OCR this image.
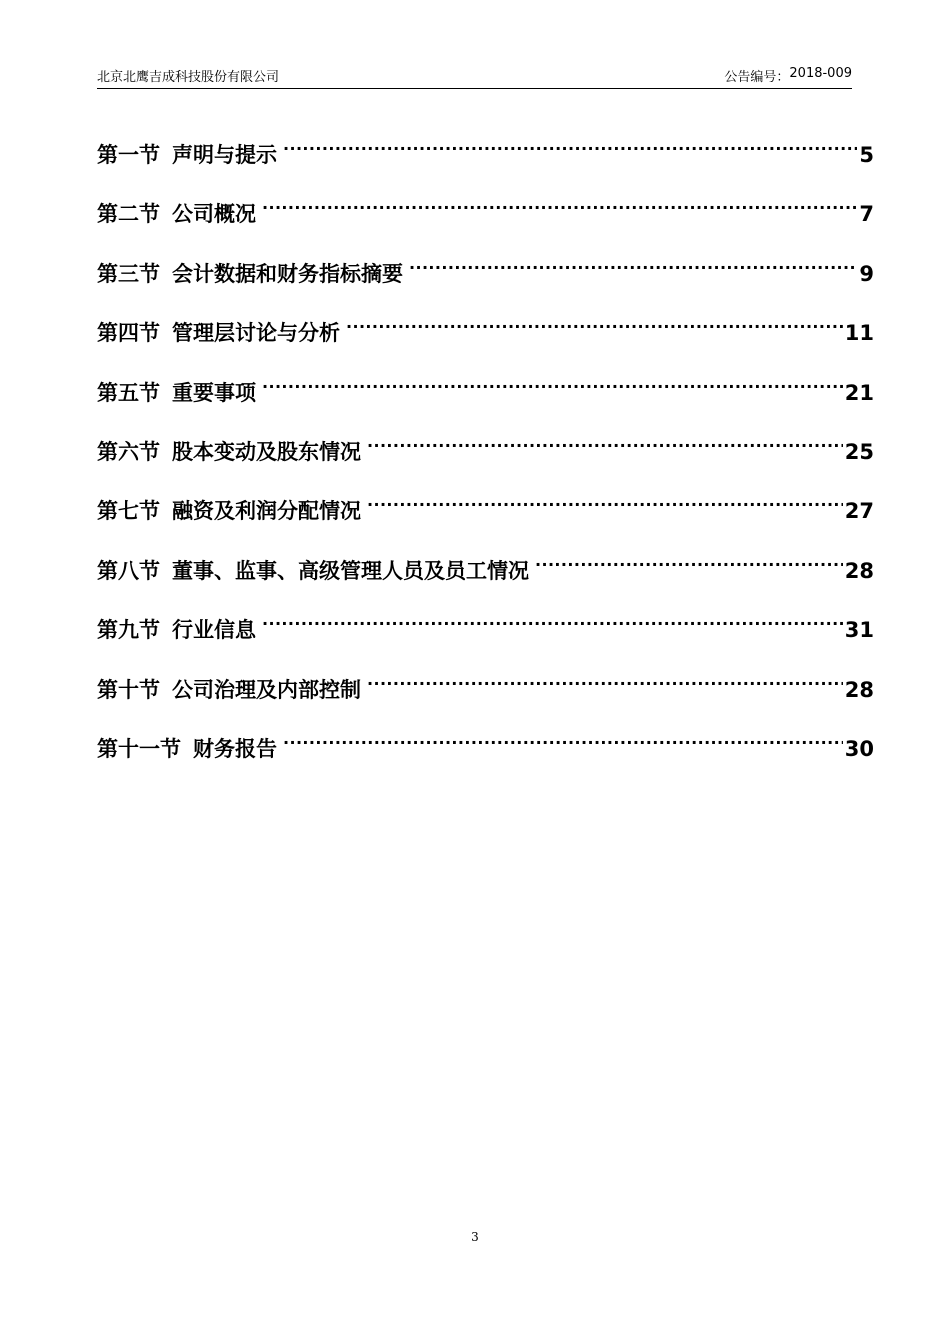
北京北鹰吉成科技股份有限公司	公告编号： 2018-009
第一节 声明与提示 .....	5
第二节 公司概况 .....	7
第三节 会计数据和财务指标摘要 .....	9
第四节 管理层讨论与分析 .....	11
第五节 重要事项 .....	21
第六节 股本变动及股东情况 .....	25
第七节 融资及利润分配情况 .....	27
第八节 董事、监事、高级管理人员及员工情况 .....	28
第九节 行业信息 .....	31
第十节 公司治理及内部控制 .....	28
第十一节 财务报告 .....	30
3
